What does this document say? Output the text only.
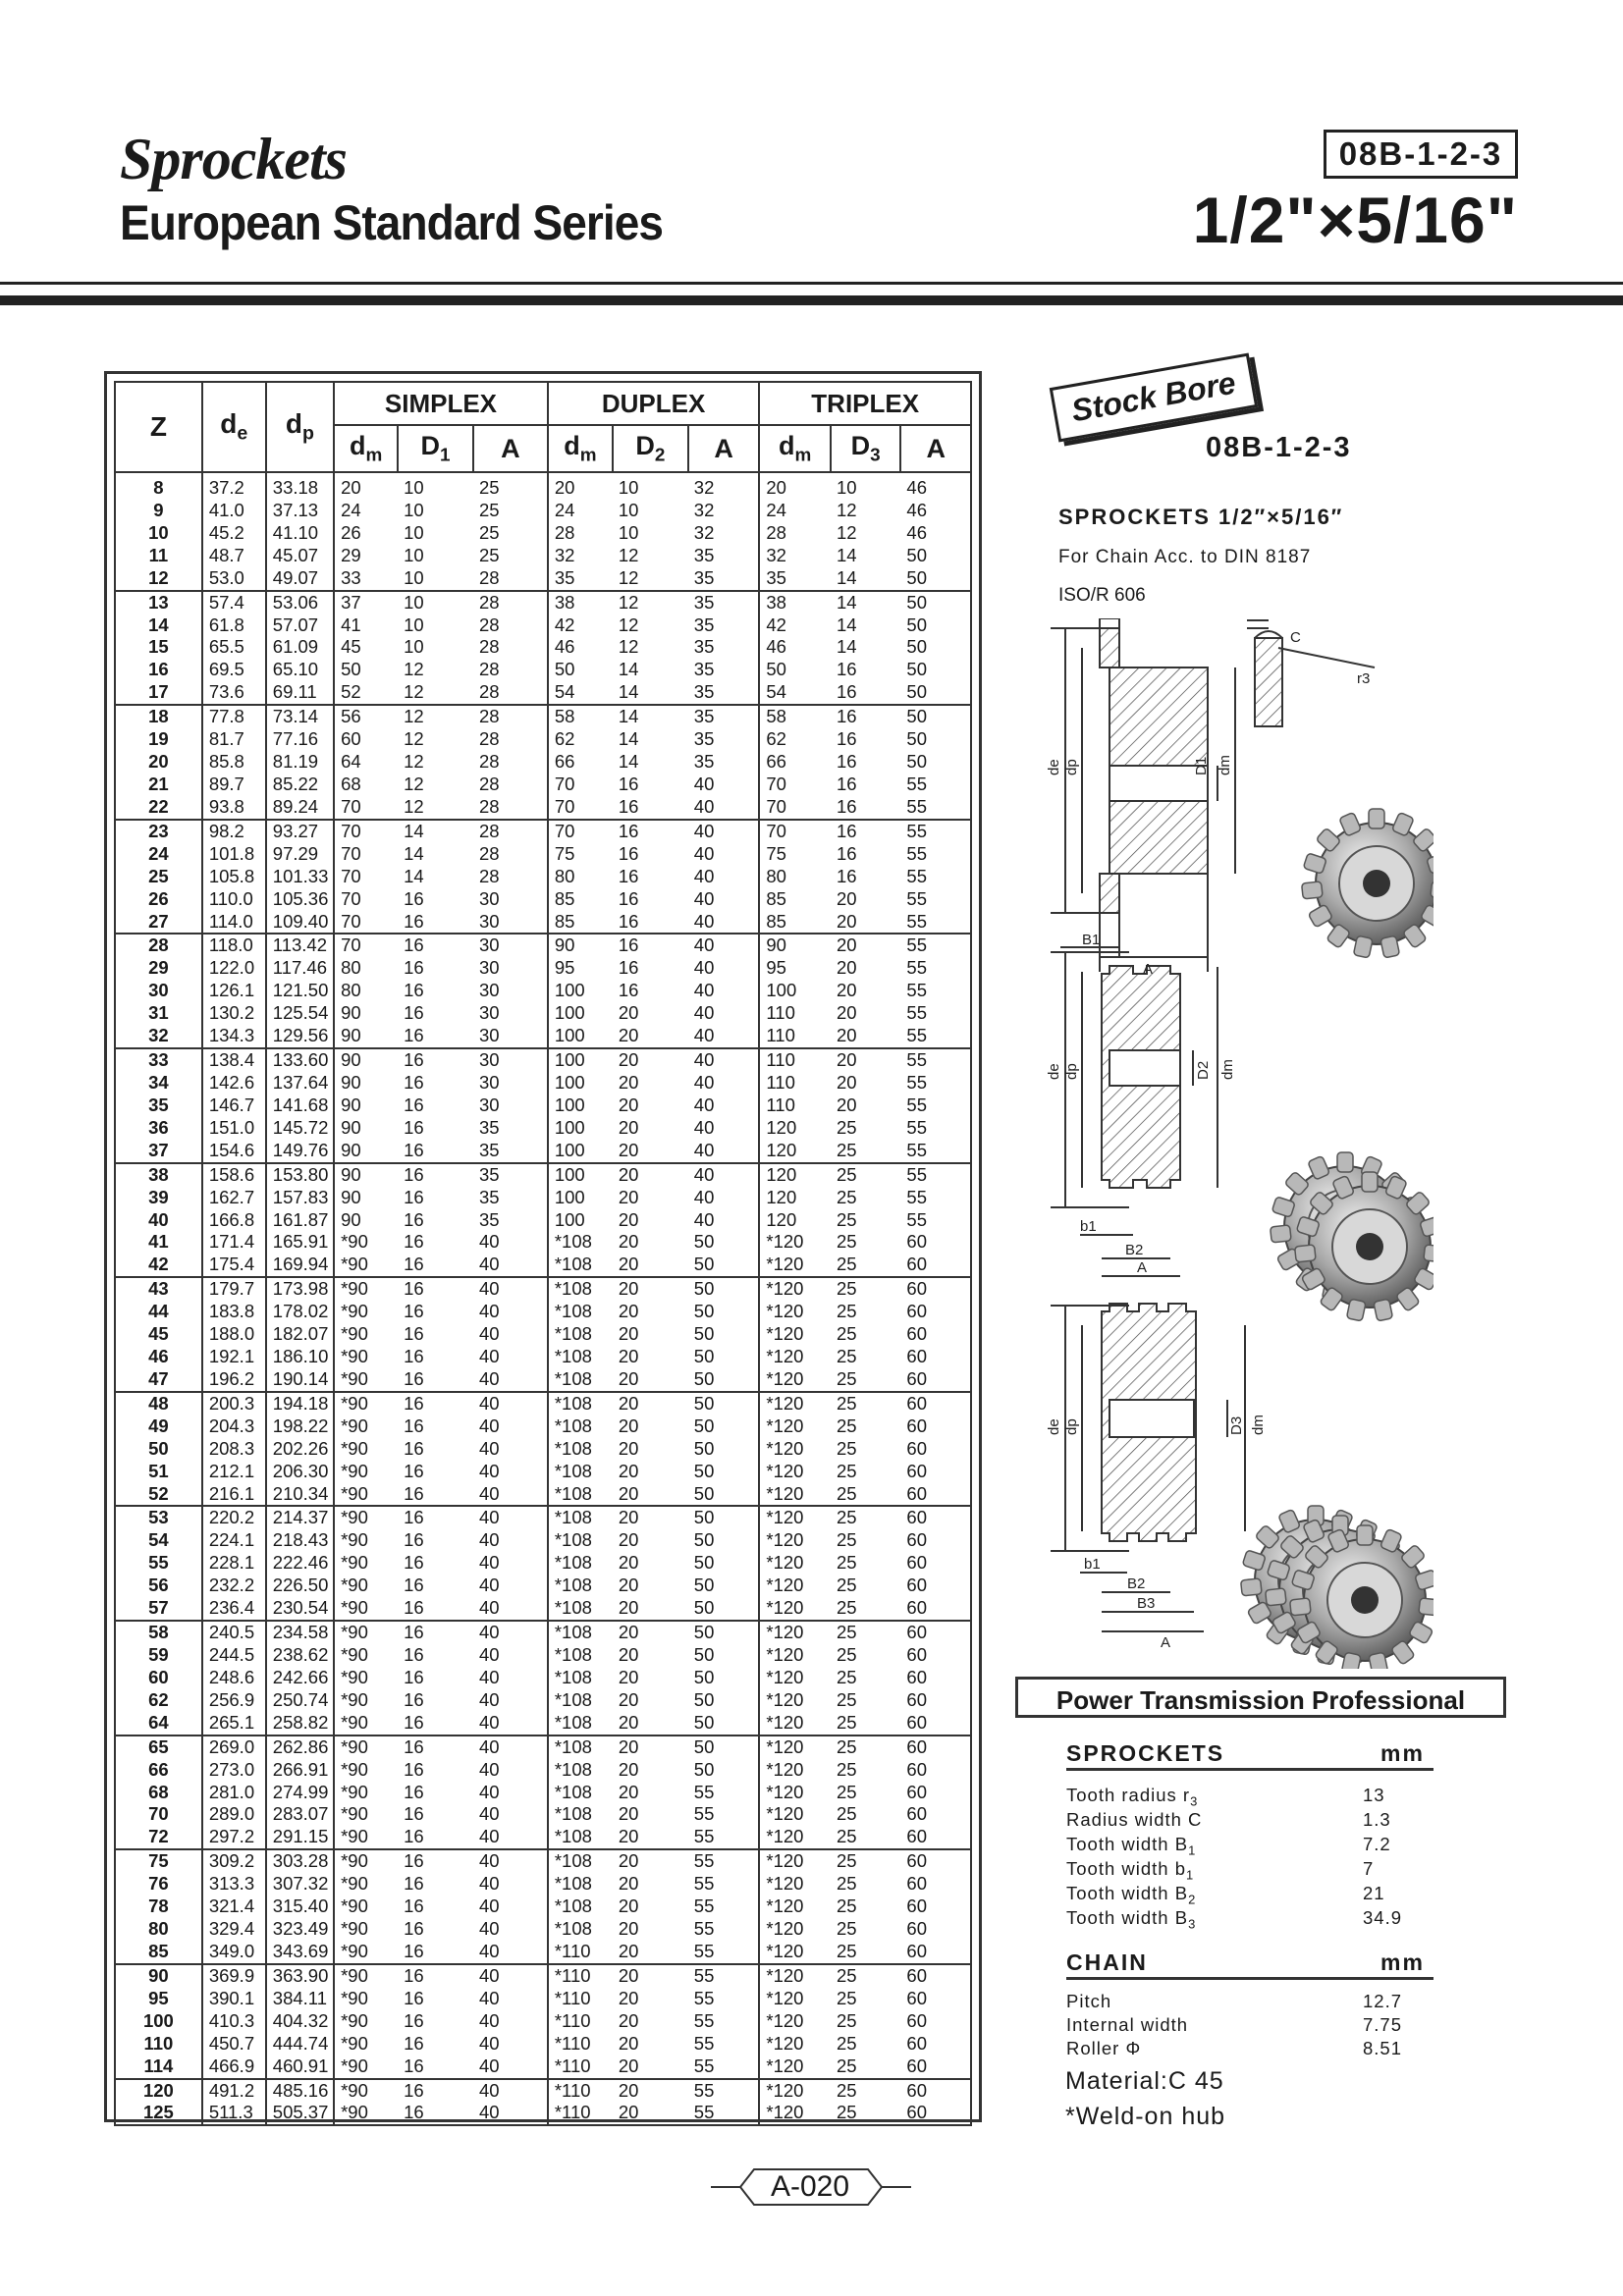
Sprockets
European Standard Series
08B-1-2-3
1/2"×5/16"
Z	$d_e$	$d_p$	SIMPLEX			DUPLEX			TRIPLEX		
			$d_m$	$D_1$	A	$d_m$	$D_2$	A	$d_m$	$D_3$	A
8	37.2	33.18	20	10	25	20	10	32	20	10	46
9	41.0	37.13	24	10	25	24	10	32	24	12	46
10	45.2	41.10	26	10	25	28	10	32	28	12	46
11	48.7	45.07	29	10	25	32	12	35	32	14	50
12	53.0	49.07	33	10	28	35	12	35	35	14	50
13	57.4	53.06	37	10	28	38	12	35	38	14	50
14	61.8	57.07	41	10	28	42	12	35	42	14	50
15	65.5	61.09	45	10	28	46	12	35	46	14	50
16	69.5	65.10	50	12	28	50	14	35	50	16	50
17	73.6	69.11	52	12	28	54	14	35	54	16	50
18	77.8	73.14	56	12	28	58	14	35	58	16	50
19	81.7	77.16	60	12	28	62	14	35	62	16	50
20	85.8	81.19	64	12	28	66	14	35	66	16	50
21	89.7	85.22	68	12	28	70	16	40	70	16	55
22	93.8	89.24	70	12	28	70	16	40	70	16	55
23	98.2	93.27	70	14	28	70	16	40	70	16	55
24	101.8	97.29	70	14	28	75	16	40	75	16	55
25	105.8	101.33	70	14	28	80	16	40	80	16	55
26	110.0	105.36	70	16	30	85	16	40	85	20	55
27	114.0	109.40	70	16	30	85	16	40	85	20	55
28	118.0	113.42	70	16	30	90	16	40	90	20	55
29	122.0	117.46	80	16	30	95	16	40	95	20	55
30	126.1	121.50	80	16	30	100	16	40	100	20	55
31	130.2	125.54	90	16	30	100	20	40	110	20	55
32	134.3	129.56	90	16	30	100	20	40	110	20	55
33	138.4	133.60	90	16	30	100	20	40	110	20	55
34	142.6	137.64	90	16	30	100	20	40	110	20	55
35	146.7	141.68	90	16	30	100	20	40	110	20	55
36	151.0	145.72	90	16	35	100	20	40	120	25	55
37	154.6	149.76	90	16	35	100	20	40	120	25	55
38	158.6	153.80	90	16	35	100	20	40	120	25	55
39	162.7	157.83	90	16	35	100	20	40	120	25	55
40	166.8	161.87	90	16	35	100	20	40	120	25	55
41	171.4	165.91	*90	16	40	*108	20	50	*120	25	60
42	175.4	169.94	*90	16	40	*108	20	50	*120	25	60
43	179.7	173.98	*90	16	40	*108	20	50	*120	25	60
44	183.8	178.02	*90	16	40	*108	20	50	*120	25	60
45	188.0	182.07	*90	16	40	*108	20	50	*120	25	60
46	192.1	186.10	*90	16	40	*108	20	50	*120	25	60
47	196.2	190.14	*90	16	40	*108	20	50	*120	25	60
48	200.3	194.18	*90	16	40	*108	20	50	*120	25	60
49	204.3	198.22	*90	16	40	*108	20	50	*120	25	60
50	208.3	202.26	*90	16	40	*108	20	50	*120	25	60
51	212.1	206.30	*90	16	40	*108	20	50	*120	25	60
52	216.1	210.34	*90	16	40	*108	20	50	*120	25	60
53	220.2	214.37	*90	16	40	*108	20	50	*120	25	60
54	224.1	218.43	*90	16	40	*108	20	50	*120	25	60
55	228.1	222.46	*90	16	40	*108	20	50	*120	25	60
56	232.2	226.50	*90	16	40	*108	20	50	*120	25	60
57	236.4	230.54	*90	16	40	*108	20	50	*120	25	60
58	240.5	234.58	*90	16	40	*108	20	50	*120	25	60
59	244.5	238.62	*90	16	40	*108	20	50	*120	25	60
60	248.6	242.66	*90	16	40	*108	20	50	*120	25	60
62	256.9	250.74	*90	16	40	*108	20	50	*120	25	60
64	265.1	258.82	*90	16	40	*108	20	50	*120	25	60
65	269.0	262.86	*90	16	40	*108	20	50	*120	25	60
66	273.0	266.91	*90	16	40	*108	20	50	*120	25	60
68	281.0	274.99	*90	16	40	*108	20	55	*120	25	60
70	289.0	283.07	*90	16	40	*108	20	55	*120	25	60
72	297.2	291.15	*90	16	40	*108	20	55	*120	25	60
75	309.2	303.28	*90	16	40	*108	20	55	*120	25	60
76	313.3	307.32	*90	16	40	*108	20	55	*120	25	60
78	321.4	315.40	*90	16	40	*108	20	55	*120	25	60
80	329.4	323.49	*90	16	40	*108	20	55	*120	25	60
85	349.0	343.69	*90	16	40	*110	20	55	*120	25	60
90	369.9	363.90	*90	16	40	*110	20	55	*120	25	60
95	390.1	384.11	*90	16	40	*110	20	55	*120	25	60
100	410.3	404.32	*90	16	40	*110	20	55	*120	25	60
110	450.7	444.74	*90	16	40	*110	20	55	*120	25	60
114	466.9	460.91	*90	16	40	*110	20	55	*120	25	60
120	491.2	485.16	*90	16	40	*110	20	55	*120	25	60
125	511.3	505.37	*90	16	40	*110	20	55	*120	25	60
Stock Bore
08B-1-2-3
SPROCKETS 1/2″×5/16″
For Chain Acc. to DIN 8187
ISO/R 606
C
r3
de dp	D1 dm
B1
A
de dp	D2 dm
b1
B2
A
de dp	D3 dm
b1
B2
B3
A
Power Transmission Professional
SPROCKETS	mm
Tooth radius $r_3$	13
Radius width C	1.3
Tooth width $B_1$	7.2
Tooth width $b_1$	7
Tooth width $B_2$	21
Tooth width $B_3$	34.9
CHAIN	mm
Pitch	12.7
Internal width	7.75
Roller Φ	8.51
Material:C 45
*Weld-on hub
A-020
